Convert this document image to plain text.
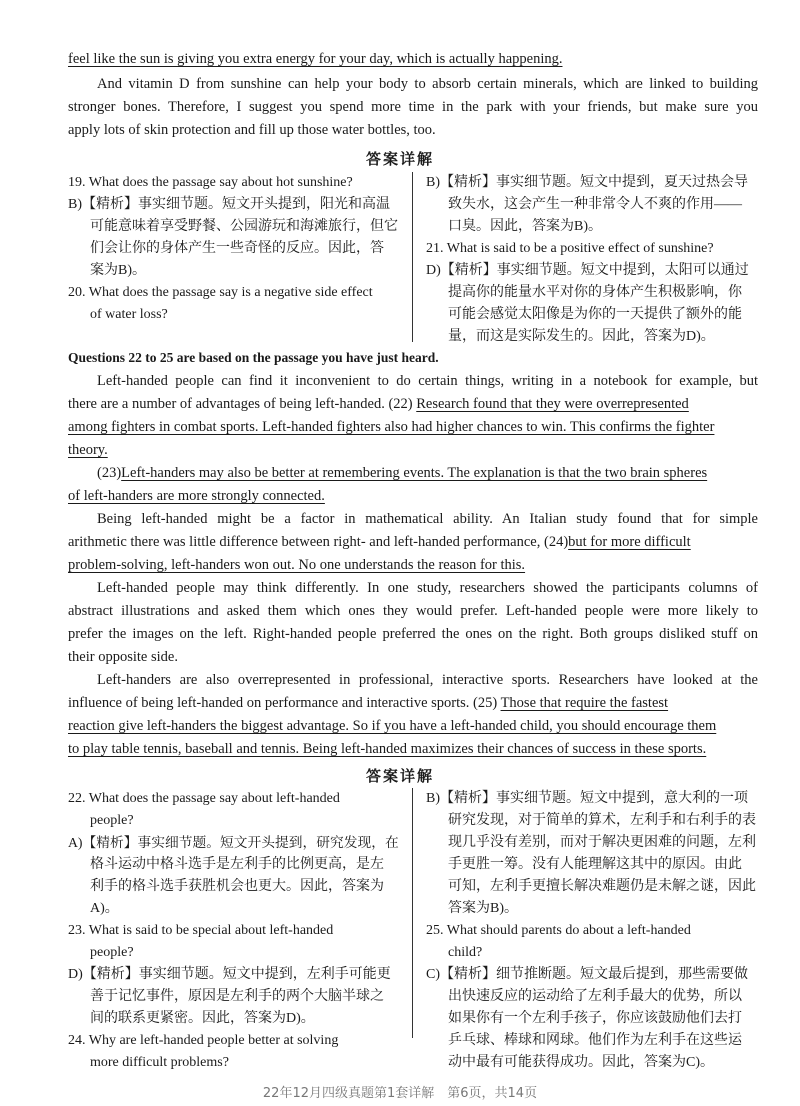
feel like the sun is giving you extra energy for your day, which is actually happening.
And vitamin D from sunshine can help your body to absorb certain minerals, which are linked to building
stronger bones. Therefore, I suggest you spend more time in the park with your friends, but make sure you
apply lots of skin protection and fill up those water bottles, too.
答案详解

19. What does the passage say about hot sunshine?

B)【精析】事实细节题。短文开头提到，阳光和高温

可能意味着享受野餐、公园游玩和海滩旅行，但它

们会让你的身体产生一些奇怪的反应。因此，答

案为B)。

20. What does the passage say is a negative side effect

of water loss?

B)【精析】事实细节题。短文中提到，夏天过热会导

致失水，这会产生一种非常令人不爽的作用——

口臭。因此，答案为B)。

21. What is said to be a positive effect of sunshine?

D)【精析】事实细节题。短文中提到，太阳可以通过

提高你的能量水平对你的身体产生积极影响，你

可能会感觉太阳像是为你的一天提供了额外的能

量，而这是实际发生的。因此，答案为D)。

Questions 22 to 25 are based on the passage you have just heard.
Left-handed people can find it inconvenient to do certain things, writing in a notebook for example, but
there are a number of advantages of being left-handed. (22) Research found that they were overrepresented
among fighters in combat sports. Left-handed fighters also had higher chances to win. This confirms the fighter
theory.
(23)Left-handers may also be better at remembering events. The explanation is that the two brain spheres
of left-handers are more strongly connected.
Being left-handed might be a factor in mathematical ability. An Italian study found that for simple
arithmetic there was little difference between right- and left-handed performance, (24)but for more difficult
problem-solving, left-handers won out. No one understands the reason for this.
Left-handed people may think differently. In one study, researchers showed the participants columns of
abstract illustrations and asked them which ones they would prefer. Left-handed people were more likely to
prefer the images on the left. Right-handed people preferred the ones on the right. Both groups disliked stuff on
their opposite side.
Left-handers are also overrepresented in professional, interactive sports. Researchers have looked at the
influence of being left-handed on performance and interactive sports. (25) Those that require the fastest
reaction give left-handers the biggest advantage. So if you have a left-handed child, you should encourage them
to play table tennis, baseball and tennis. Being left-handed maximizes their chances of success in these sports.
答案详解

22. What does the passage say about left-handed

people?

A)【精析】事实细节题。短文开头提到，研究发现，在

格斗运动中格斗选手是左利手的比例更高，是左

利手的格斗选手获胜机会也更大。因此，答案为

A)。

23. What is said to be special about left-handed

people?

D)【精析】事实细节题。短文中提到，左利手可能更

善于记忆事件，原因是左利手的两个大脑半球之

间的联系更紧密。因此，答案为D)。

24. Why are left-handed people better at solving

more difficult problems?

B)【精析】事实细节题。短文中提到，意大利的一项

研究发现，对于简单的算术，左利手和右利手的表

现几乎没有差别，而对于解决更困难的问题，左利

手更胜一筹。没有人能理解这其中的原因。由此

可知，左利手更擅长解决难题仍是未解之谜，因此

答案为B)。

25. What should parents do about a left-handed

child?

C)【精析】细节推断题。短文最后提到，那些需要做

出快速反应的运动给了左利手最大的优势，所以

如果你有一个左利手孩子，你应该鼓励他们去打

乒乓球、棒球和网球。他们作为左利手在这些运

动中最有可能获得成功。因此，答案为C)。

22年12月四级真题第1套详解　第6页，共14页
